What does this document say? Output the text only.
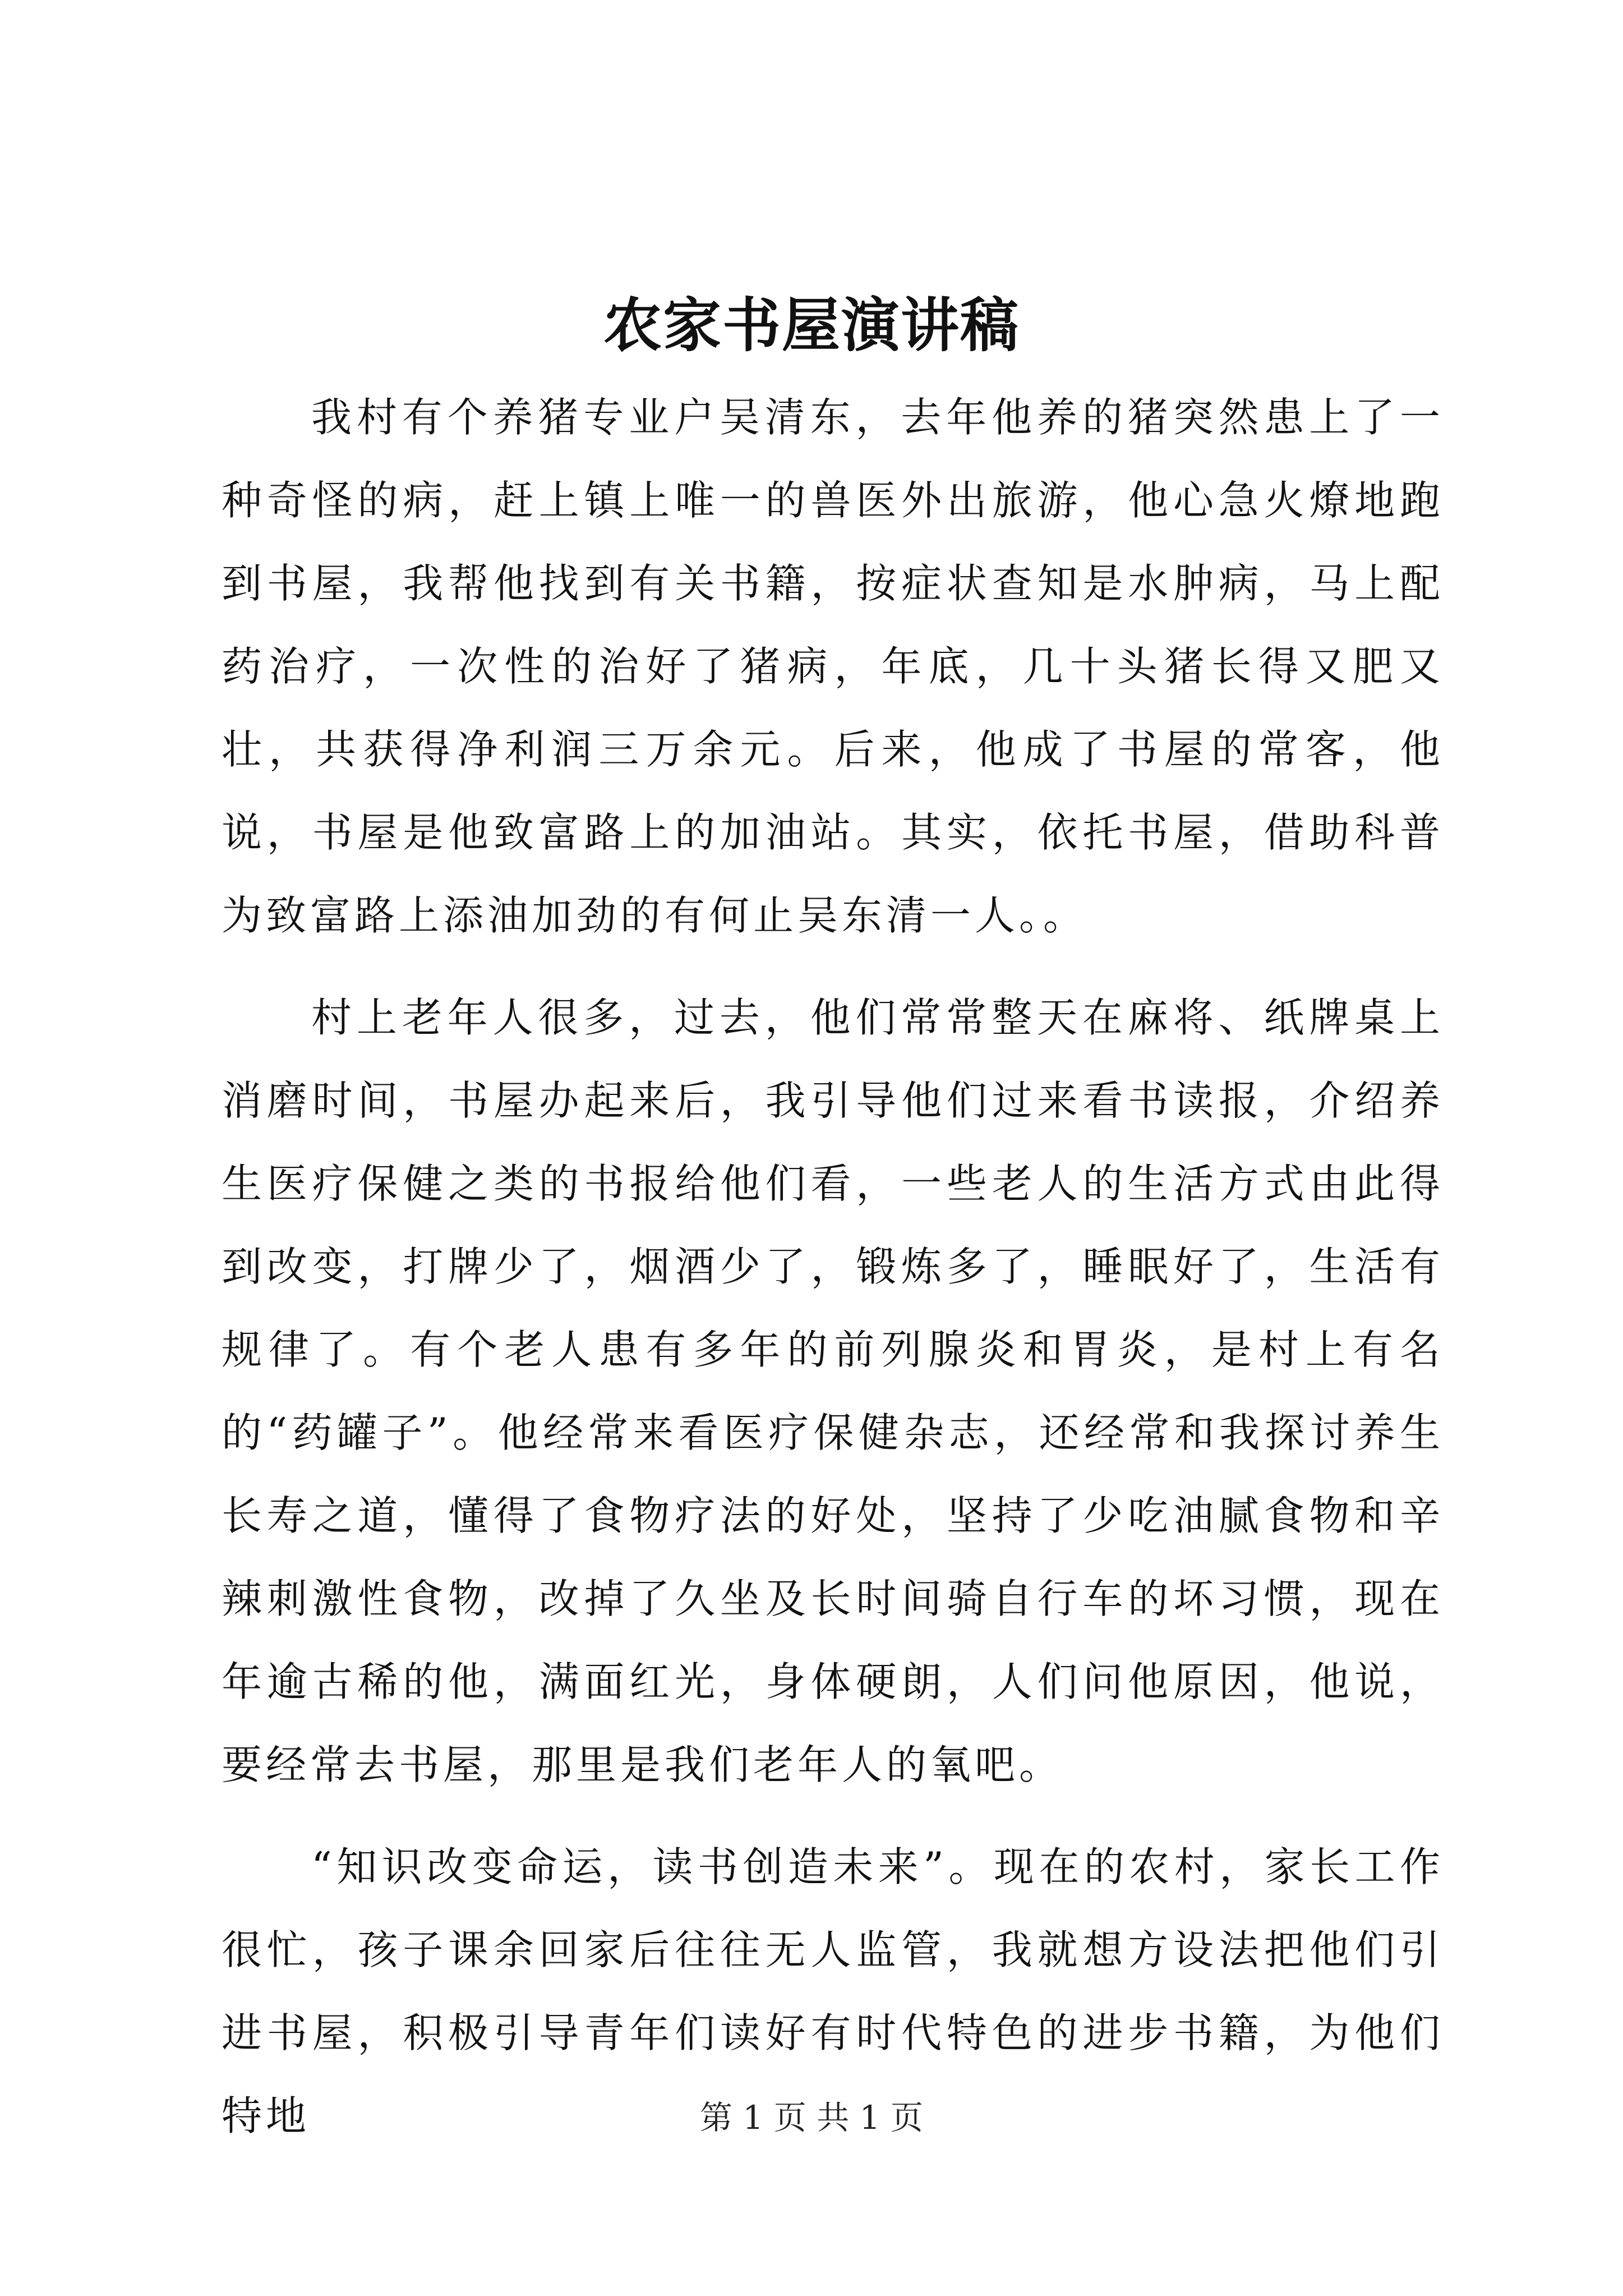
农家书屋演讲稿

我村有个养猪专业户吴清东，去年他养的猪突然患上了一种奇怪的病，赶上镇上唯一的兽医外出旅游，他心急火燎地跑到书屋，我帮他找到有关书籍，按症状查知是水肿病，马上配药治疗，一次性的治好了猪病，年底，几十头猪长得又肥又壮，共获得净利润三万余元。后来，他成了书屋的常客，他说，书屋是他致富路上的加油站。其实，依托书屋，借助科普为致富路上添油加劲的有何止吴东清一人。。

村上老年人很多，过去，他们常常整天在麻将、纸牌桌上消磨时间，书屋办起来后，我引导他们过来看书读报，介绍养生医疗保健之类的书报给他们看，一些老人的生活方式由此得到改变，打牌少了，烟酒少了，锻炼多了，睡眠好了，生活有规律了。有个老人患有多年的前列腺炎和胃炎，是村上有名的“药罐子”。他经常来看医疗保健杂志，还经常和我探讨养生长寿之道，懂得了食物疗法的好处，坚持了少吃油腻食物和辛辣刺激性食物，改掉了久坐及长时间骑自行车的坏习惯，现在年逾古稀的他，满面红光，身体硬朗，人们问他原因，他说，要经常去书屋，那里是我们老年人的氧吧。

“知识改变命运，读书创造未来”。现在的农村，家长工作很忙，孩子课余回家后往往无人监管，我就想方设法把他们引进书屋，积极引导青年们读好有时代特色的进步书籍，为他们特地	第 1 页 共 1 页
